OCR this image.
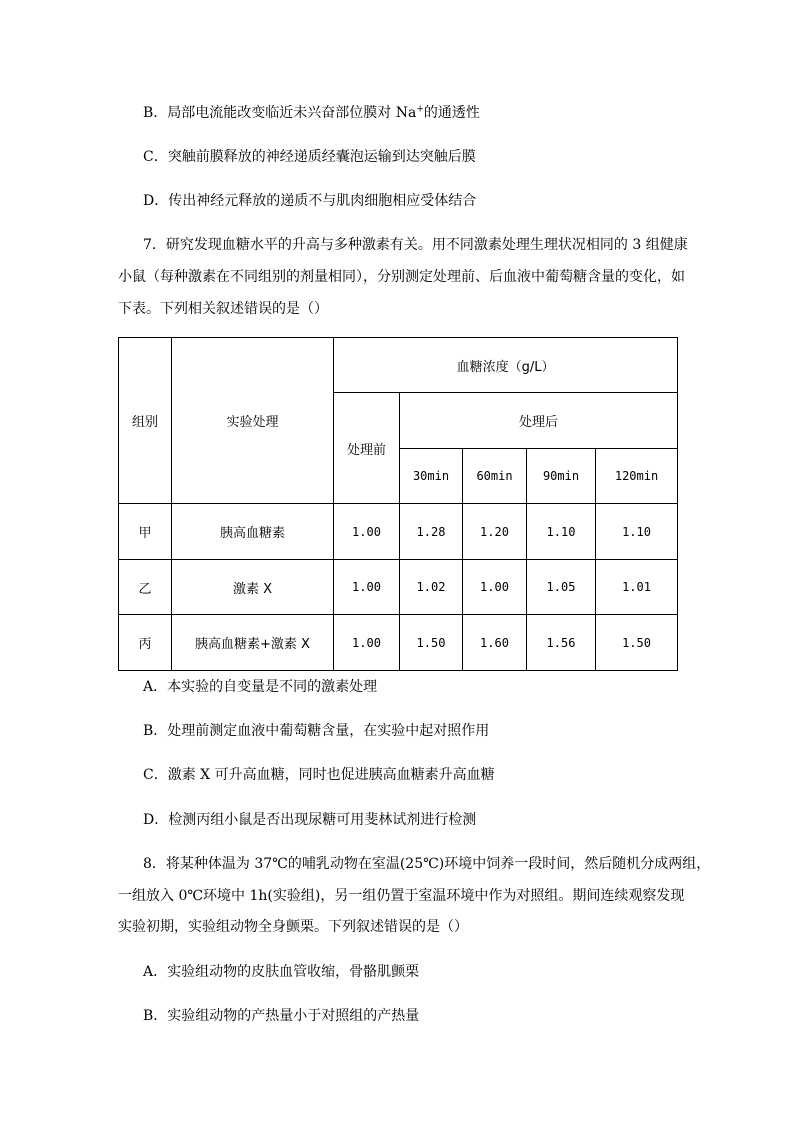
B．局部电流能改变临近未兴奋部位膜对 Na+的通透性
C．突触前膜释放的神经递质经囊泡运输到达突触后膜
D．传出神经元释放的递质不与肌肉细胞相应受体结合
7．研究发现血糖水平的升高与多种激素有关。用不同激素处理生理状况相同的 3 组健康
小鼠（每种激素在不同组别的剂量相同），分别测定处理前、后血液中葡萄糖含量的变化，如
下表。下列相关叙述错误的是（）
组别	实验处理	血糖浓度（g/L）				
		处理前	处理后			
			30min	60min	90min	120min
甲	胰高血糖素	1.00	1.28	1.20	1.10	1.10
乙	激素 X	1.00	1.02	1.00	1.05	1.01
丙	胰高血糖素+激素 X	1.00	1.50	1.60	1.56	1.50
A．本实验的自变量是不同的激素处理
B．处理前测定血液中葡萄糖含量，在实验中起对照作用
C．激素 X 可升高血糖，同时也促进胰高血糖素升高血糖
D．检测丙组小鼠是否出现尿糖可用斐林试剂进行检测
8．将某种体温为 37℃的哺乳动物在室温(25℃)环境中饲养一段时间，然后随机分成两组，
一组放入 0℃环境中 1h(实验组)，另一组仍置于室温环境中作为对照组。期间连续观察发现
实验初期，实验组动物全身颤栗。下列叙述错误的是（）
A．实验组动物的皮肤血管收缩，骨骼肌颤栗
B．实验组动物的产热量小于对照组的产热量
